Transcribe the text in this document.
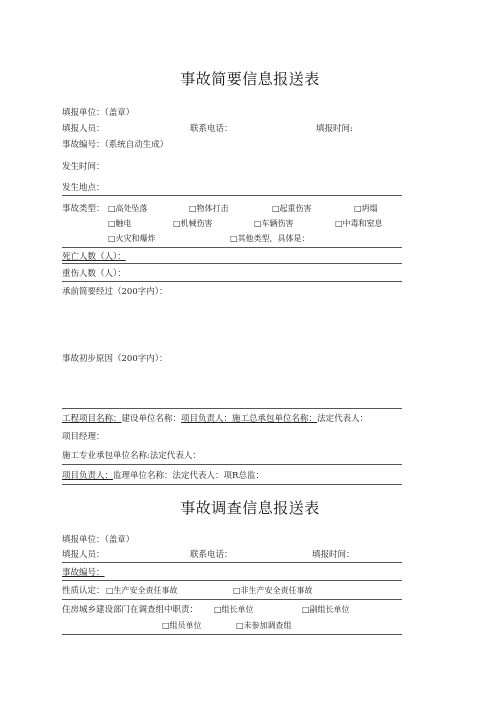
事故简要信息报送表
填报单位：（盖章）
填报人员：	联系电话：	填报时间:
事故编号：（系统自动生成）
发生时间：
发生地点：
事故类型： □高处坠落	□物体打击	□起重伤害	□坍塌
□触电	□机械伤害	□车辆伤害	□中毒和窒息
□火灾和爆炸	□其他类型，具体是：
死亡人数（人）：
重伤人数（人）：
承前简要经过（200字内）：
事故初步原因（200字内）：
工程项目名称：建设单位名称：项目负责人：施工总承包单位名称：法定代表人：
项目经理：
施工专业承包单位名称:法定代表人：
项目负责人：监理单位名称：法定代表人：项R总监：
事故调查信息报送表
填报单位：（盖章）
填报人员：	联系电话：	填报时间：
事故编号：
性质认定： □生产安全责任事故	□非生产安全责任事故
住房城乡建设部门在调查组中职责： □组长单位	□副组长单位
□组员单位	□未参加调查组
